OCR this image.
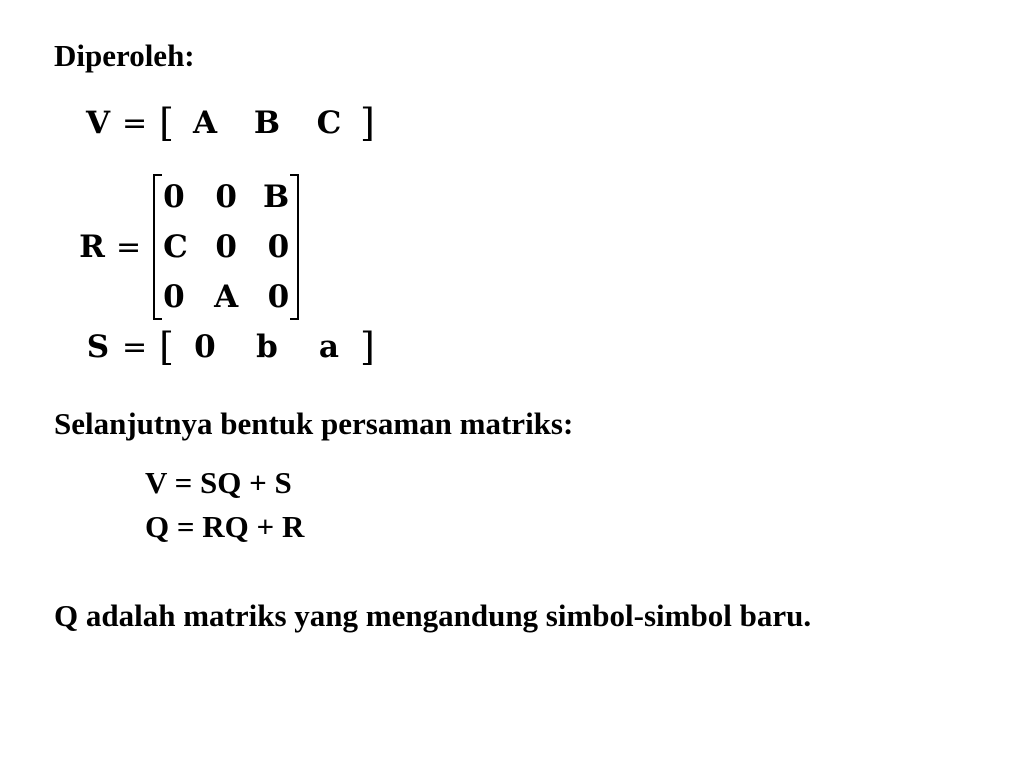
Diperoleh:
V = [ A	B	C ]
R =
0 0 B
C 0 0
0 A 0
S = [ 0	b	a ]
Selanjutnya bentuk persaman matriks:
V = SQ + S
Q = RQ + R
Q adalah matriks yang mengandung simbol-simbol baru.
